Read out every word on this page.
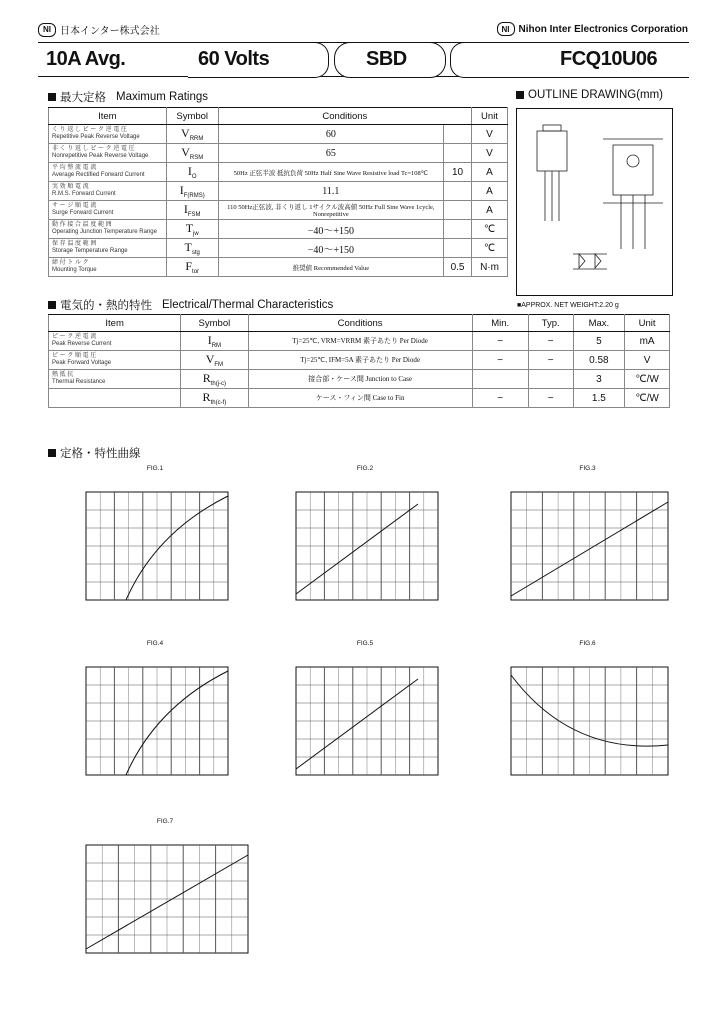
NI 日本インター株式会社	NI Nihon Inter Electronics Corporation
10A Avg.	60 Volts	SBD	FCQ10U06
最大定格 Maximum Ratings
Item	Symbol	Conditions		Unit

く り 返 し ピ ー ク 逆 電 圧
Repetitive Peak Reverse Voltage	$V_{RRM}$	60		V

非 く り 返 し ピ ー ク 逆 電 圧
Nonrepetitive Peak Reverse Voltage	$V_{RSM}$	65		V

平 均 整 流 電 流
Average Rectified Forward Current	$I_O$	50Hz 正弦半波 抵抗負荷 50Hz Half Sine Wave Resistive load Tc=108℃	10	A

実 効 順 電 流
R.M.S. Forward Current	$I_{F(RMS)}$	11.1		A

サ ー ジ 順 電 流
Surge Forward Current	$I_{FSM}$	110 50Hz正弦波, 非くり返し 1サイクル波高値 50Hz Full Sine Wave 1cycle, Nonrepetitive		A

動 作 接 合 温 度 範 囲
Operating Junction Temperature Range	$T_{jw}$	−40〜+150		℃

保 存 温 度 範 囲
Storage Temperature Range	$T_{stg}$	−40〜+150		℃

締 付 ト ル ク
Mounting Torque	$F_{tor}$	推奨値 Recommended Value	0.5	N·m
OUTLINE DRAWING(mm)
■APPROX. NET WEIGHT:2.20 g
電気的・熱的特性 Electrical/Thermal Characteristics
Item	Symbol	Conditions	Min.	Typ.	Max.	Unit

ピ ー ク 逆 電 流
Peak Reverse Current	$I_{RM}$	Tj=25℃, VRM=VRRM 素子あたり Per Diode	−	−	5	mA

ピ ー ク 順 電 圧
Peak Forward Voltage	$V_{FM}$	Tj=25℃, IFM=5A 素子あたり Per Diode	−	−	0.58	V

熱 抵 抗
Thermal Resistance	$R_{th(j-c)}$	接合部・ケース間 Junction to Case			3	℃/W

	$R_{th(c-f)}$	ケース・フィン間 Case to Fin	−	−	1.5	℃/W
定格・特性曲線
FIG.1	FIG.2	FIG.3
FIG.4	FIG.5	FIG.6
FIG.7
